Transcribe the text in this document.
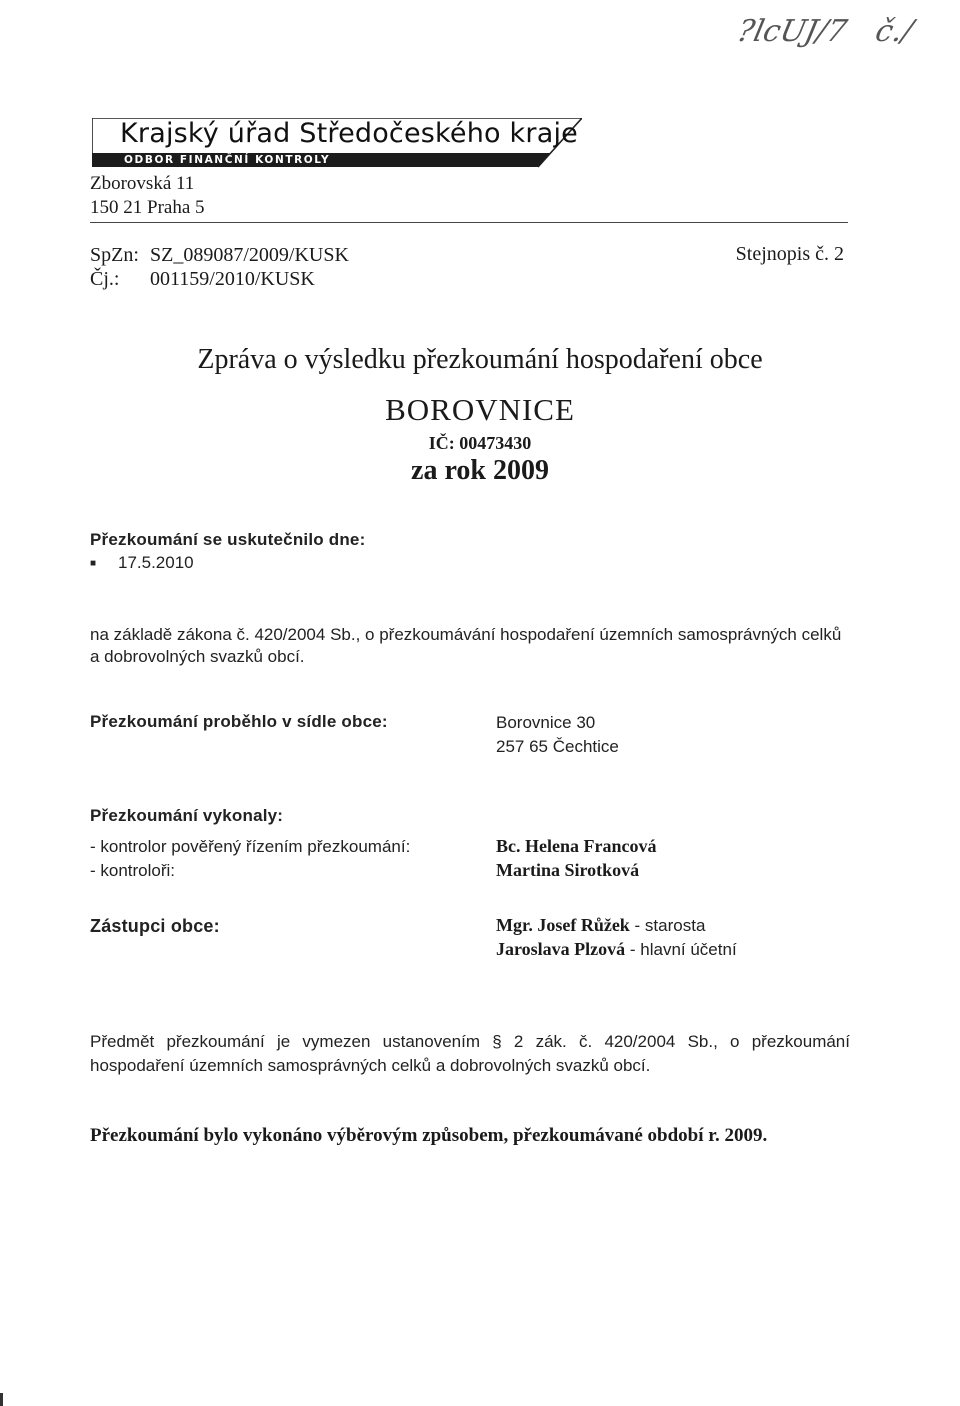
?lcUJ/7 č./
Krajský úřad Středočeského kraje
ODBOR FINANČNÍ KONTROLY
Zborovská 11
150 21 Praha 5
SpZn: SZ_089087/2009/KUSK
Čj.: 001159/2010/KUSK
Stejnopis č. 2
Zpráva o výsledku přezkoumání hospodaření obce
BOROVNICE
IČ: 00473430
za rok 2009
Přezkoumání se uskutečnilo dne:
■ 17.5.2010
na základě zákona č. 420/2004 Sb., o přezkoumávání hospodaření územních samosprávných celků a dobrovolných svazků obcí.
Přezkoumání proběhlo v sídle obce:	Borovnice 30
257 65 Čechtice
Přezkoumání vykonaly:
- kontrolor pověřený řízením přezkoumání:	Bc. Helena Francová
- kontroloři:	Martina Sirotková
Zástupci obce:	Mgr. Josef Růžek - starosta
Jaroslava Plzová - hlavní účetní
Předmět přezkoumání je vymezen ustanovením § 2 zák. č. 420/2004 Sb., o přezkoumání hospodaření územních samosprávných celků a dobrovolných svazků obcí.
Přezkoumání bylo vykonáno výběrovým způsobem, přezkoumávané období r. 2009.
